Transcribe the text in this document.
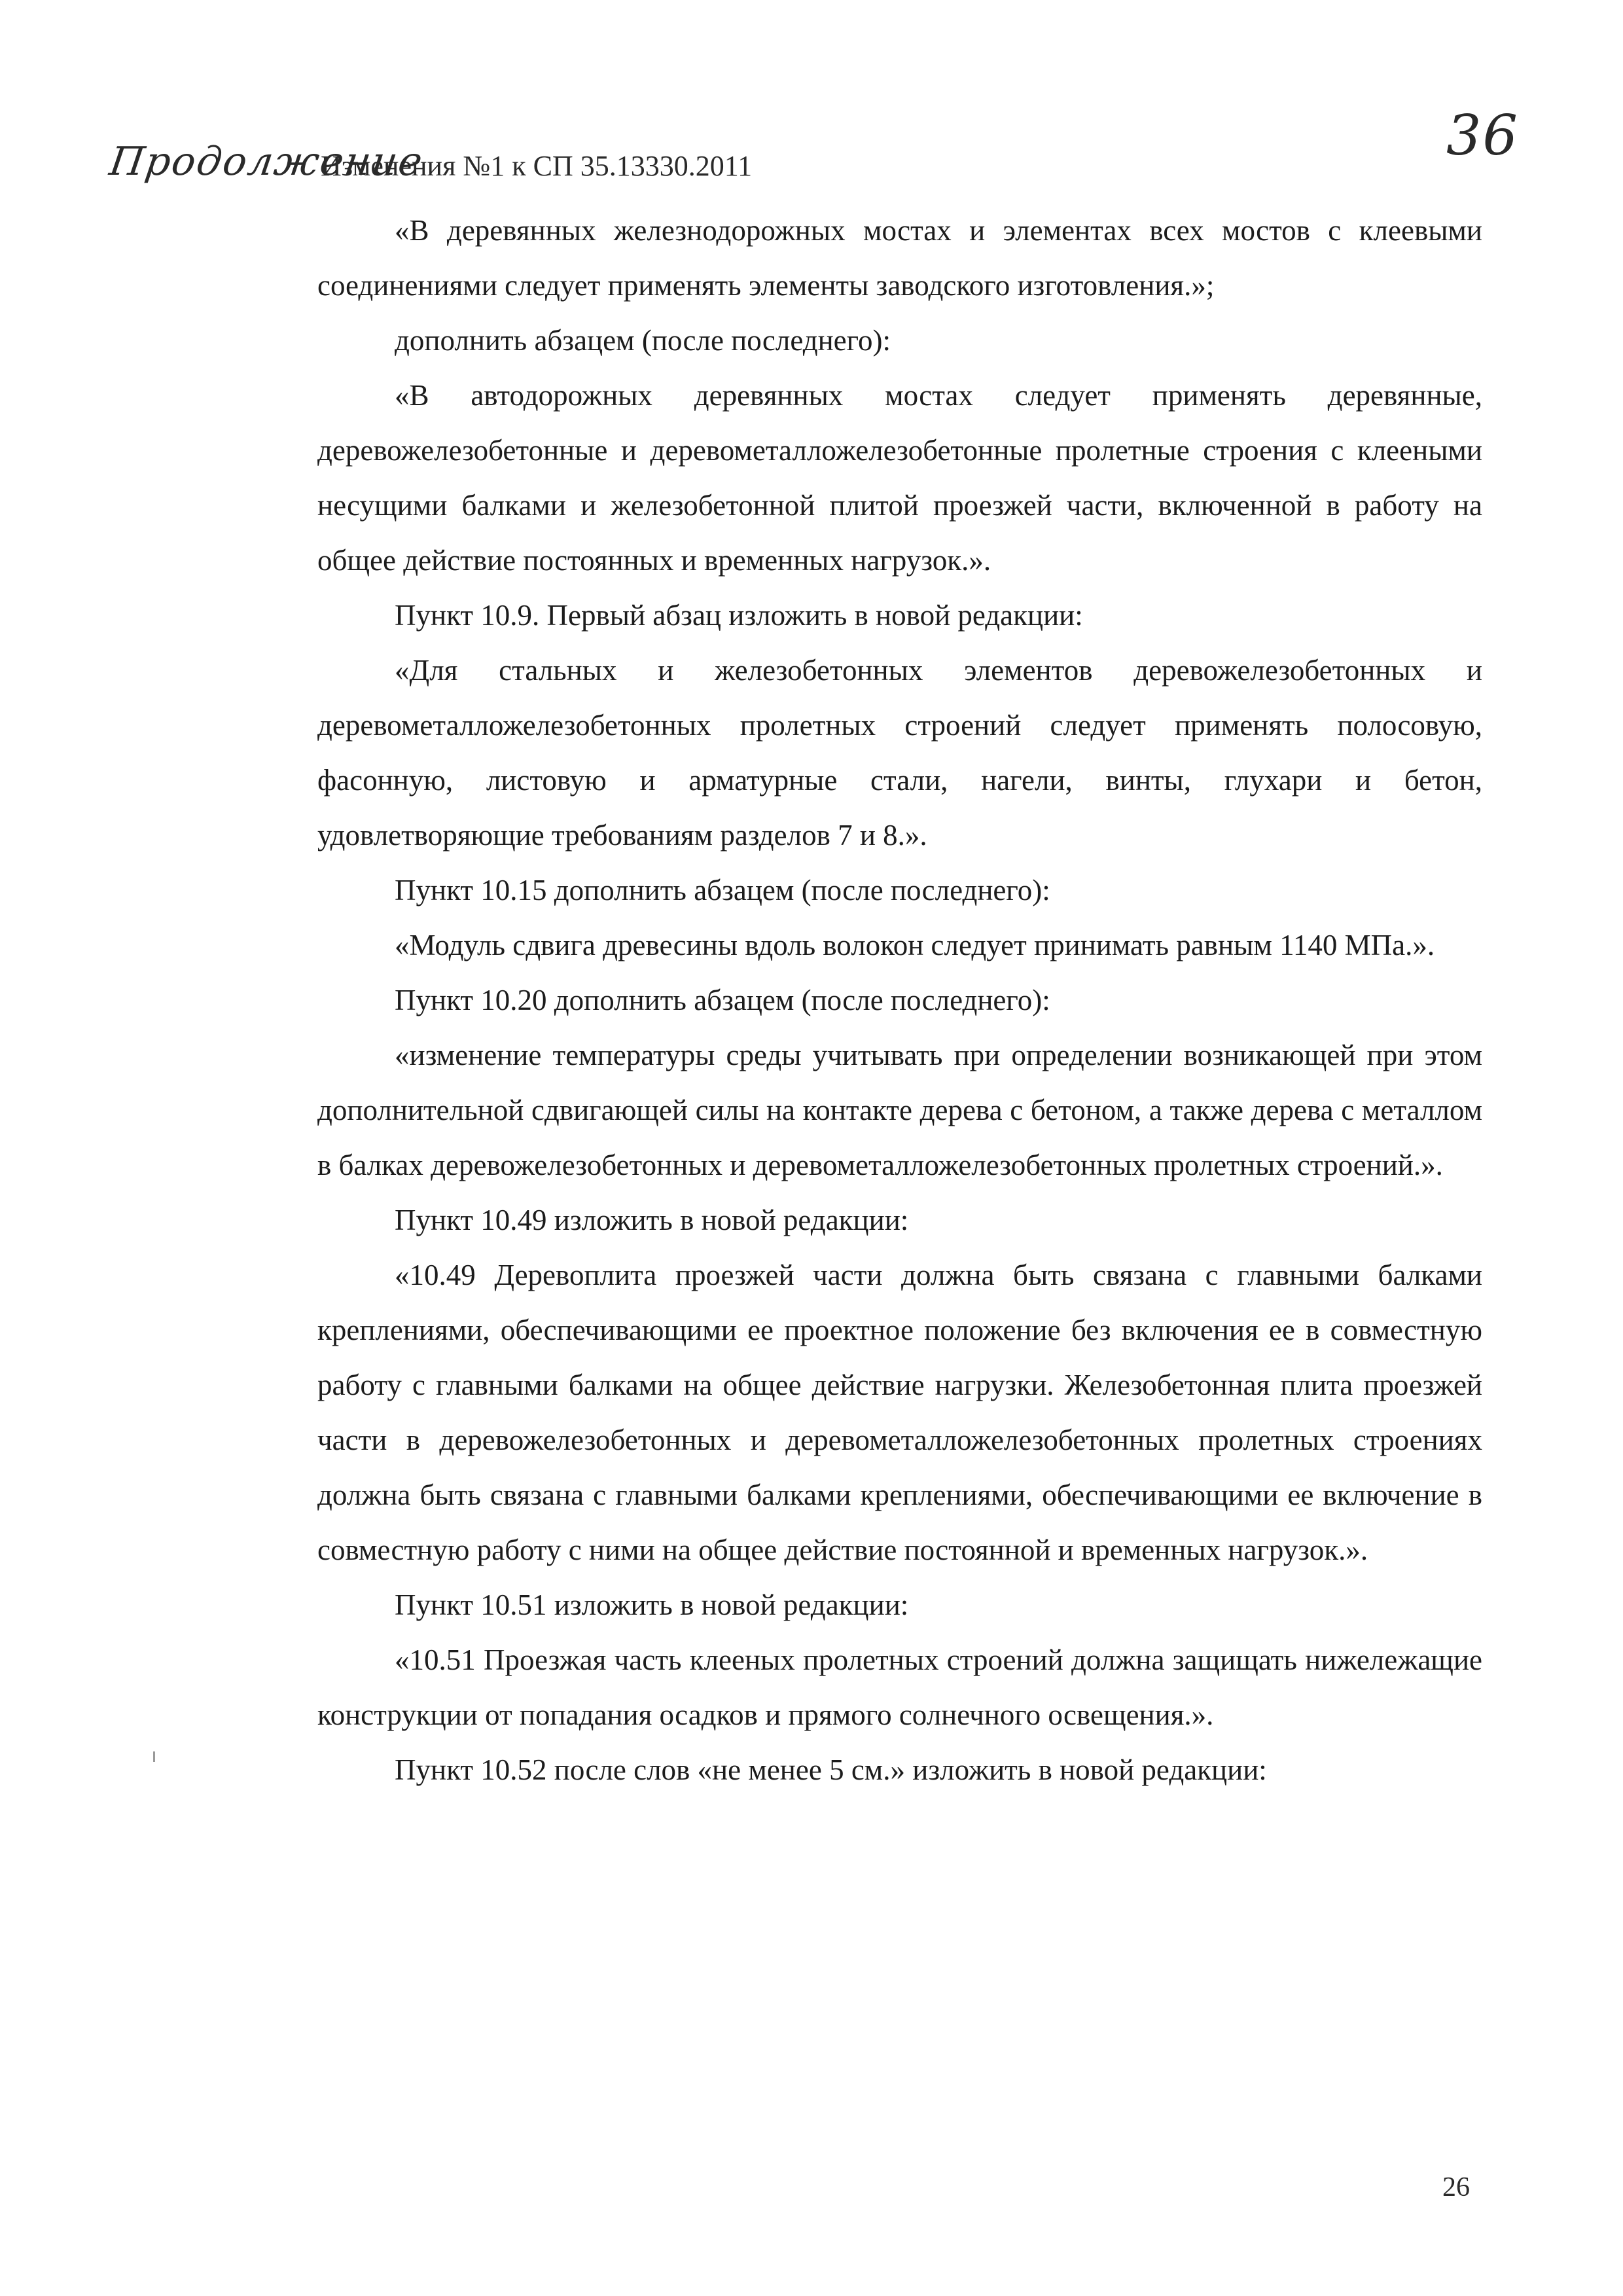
Продолжение	36
Изменения №1 к СП 35.13330.2011

«В деревянных железнодорожных мостах и элементах всех мостов с клеевыми соединениями следует применять элементы заводского изготовления.»;

дополнить абзацем (после последнего):

«В автодорожных деревянных мостах следует применять деревянные, деревожелезобетонные и деревометалложелезобетонные пролетные строения с клееными несущими балками и железобетонной плитой проезжей части, включенной в работу на общее действие постоянных и временных нагрузок.».

Пункт 10.9. Первый абзац изложить в новой редакции:

«Для стальных и железобетонных элементов деревожелезобетонных и деревометалложелезобетонных пролетных строений следует применять полосовую, фасонную, листовую и арматурные стали, нагели, винты, глухари и бетон, удовлетворяющие требованиям разделов 7 и 8.».

Пункт 10.15 дополнить абзацем (после последнего):

«Модуль сдвига древесины вдоль волокон следует принимать равным 1140 МПа.».

Пункт 10.20 дополнить абзацем (после последнего):

«изменение температуры среды учитывать при определении возникающей при этом дополнительной сдвигающей силы на контакте дерева с бетоном, а также дерева с металлом в балках деревожелезобетонных и деревометалложелезобетонных пролетных строений.».

Пункт 10.49 изложить в новой редакции:

«10.49 Деревоплита проезжей части должна быть связана с главными балками креплениями, обеспечивающими ее проектное положение без включения ее в совместную работу с главными балками на общее действие нагрузки. Железобетонная плита проезжей части в деревожелезобетонных и деревометалложелезобетонных пролетных строениях должна быть связана с главными балками креплениями, обеспечивающими ее включение в совместную работу с ними на общее действие постоянной и временных нагрузок.».

Пункт 10.51 изложить в новой редакции:

«10.51 Проезжая часть клееных пролетных строений должна защищать нижележащие конструкции от попадания осадков и прямого солнечного освещения.».

Пункт 10.52 после слов «не менее 5 см.» изложить в новой редакции:

26
